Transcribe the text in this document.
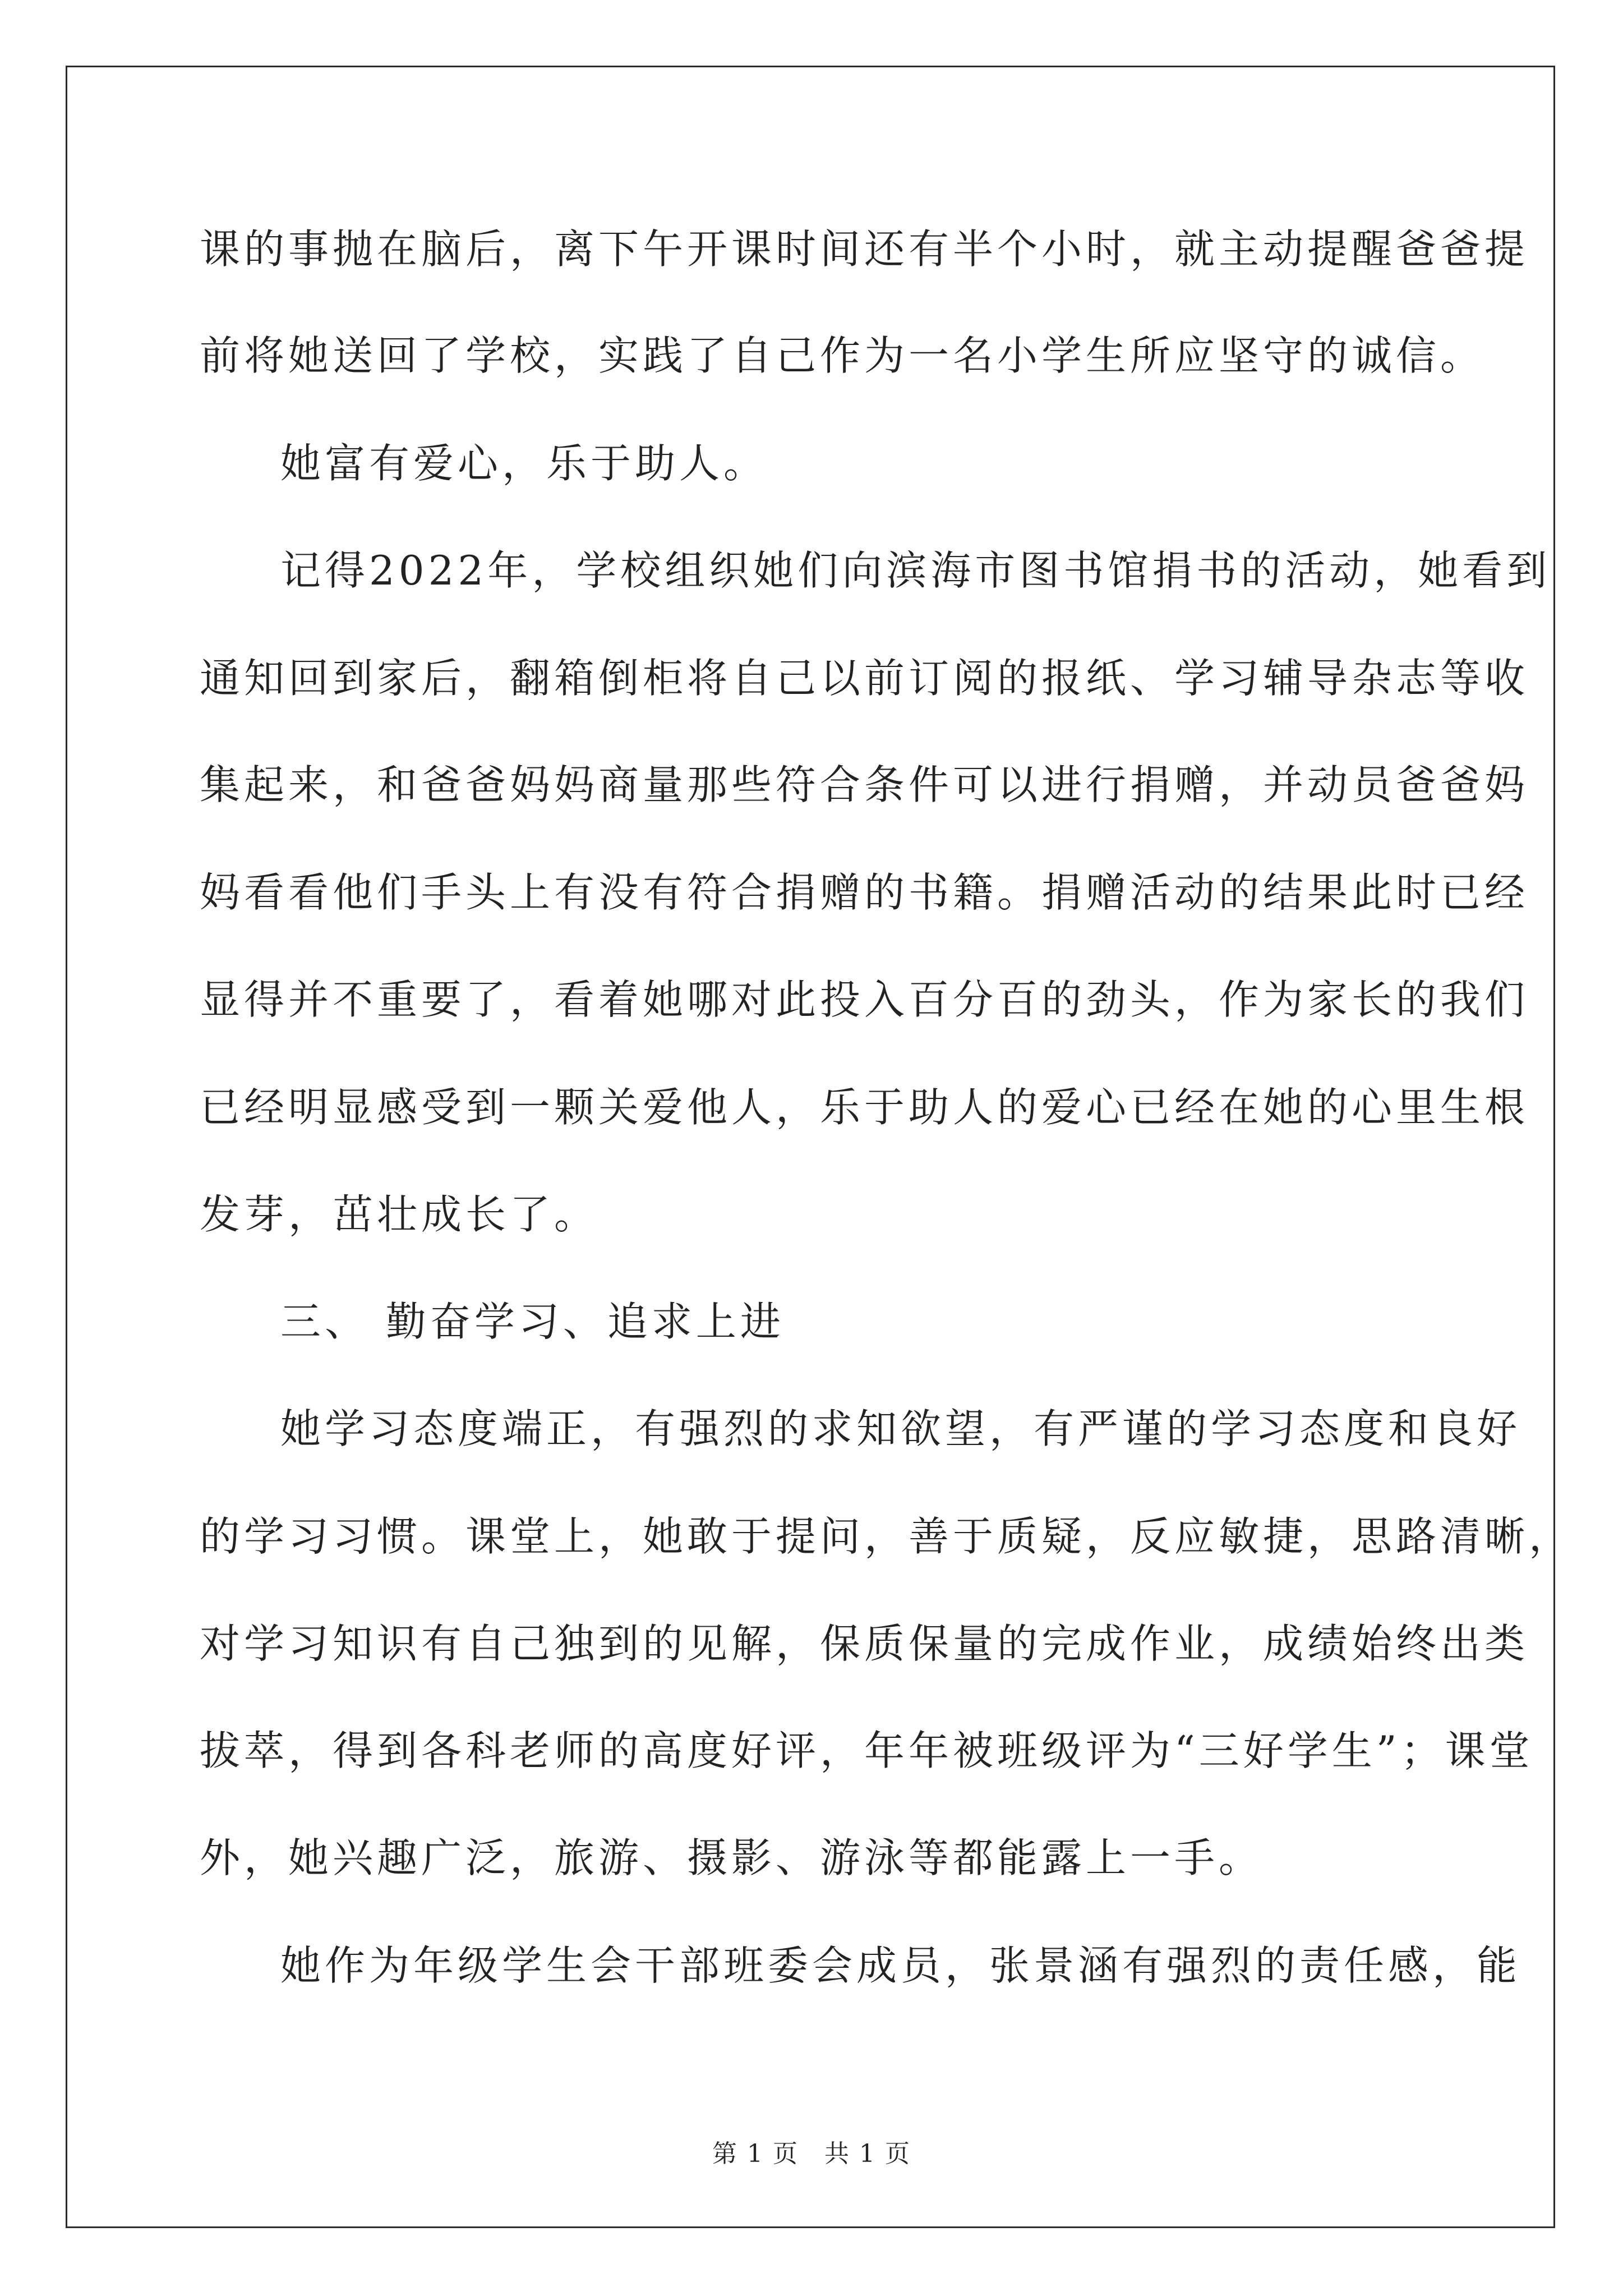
课的事抛在脑后，离下午开课时间还有半个小时，就主动提醒爸爸提

前将她送回了学校，实践了自己作为一名小学生所应坚守的诚信。

她富有爱心，乐于助人。

记得2022年，学校组织她们向滨海市图书馆捐书的活动，她看到

通知回到家后，翻箱倒柜将自己以前订阅的报纸、学习辅导杂志等收

集起来，和爸爸妈妈商量那些符合条件可以进行捐赠，并动员爸爸妈

妈看看他们手头上有没有符合捐赠的书籍。捐赠活动的结果此时已经

显得并不重要了，看着她哪对此投入百分百的劲头，作为家长的我们

已经明显感受到一颗关爱他人，乐于助人的爱心已经在她的心里生根

发芽，茁壮成长了。

三、 勤奋学习、追求上进

她学习态度端正，有强烈的求知欲望，有严谨的学习态度和良好

的学习习惯。课堂上，她敢于提问，善于质疑，反应敏捷，思路清晰，

对学习知识有自己独到的见解，保质保量的完成作业，成绩始终出类

拔萃，得到各科老师的高度好评，年年被班级评为“三好学生”；课堂

外，她兴趣广泛，旅游、摄影、游泳等都能露上一手。

她作为年级学生会干部班委会成员，张景涵有强烈的责任感，能

第 1 页　共 1 页
